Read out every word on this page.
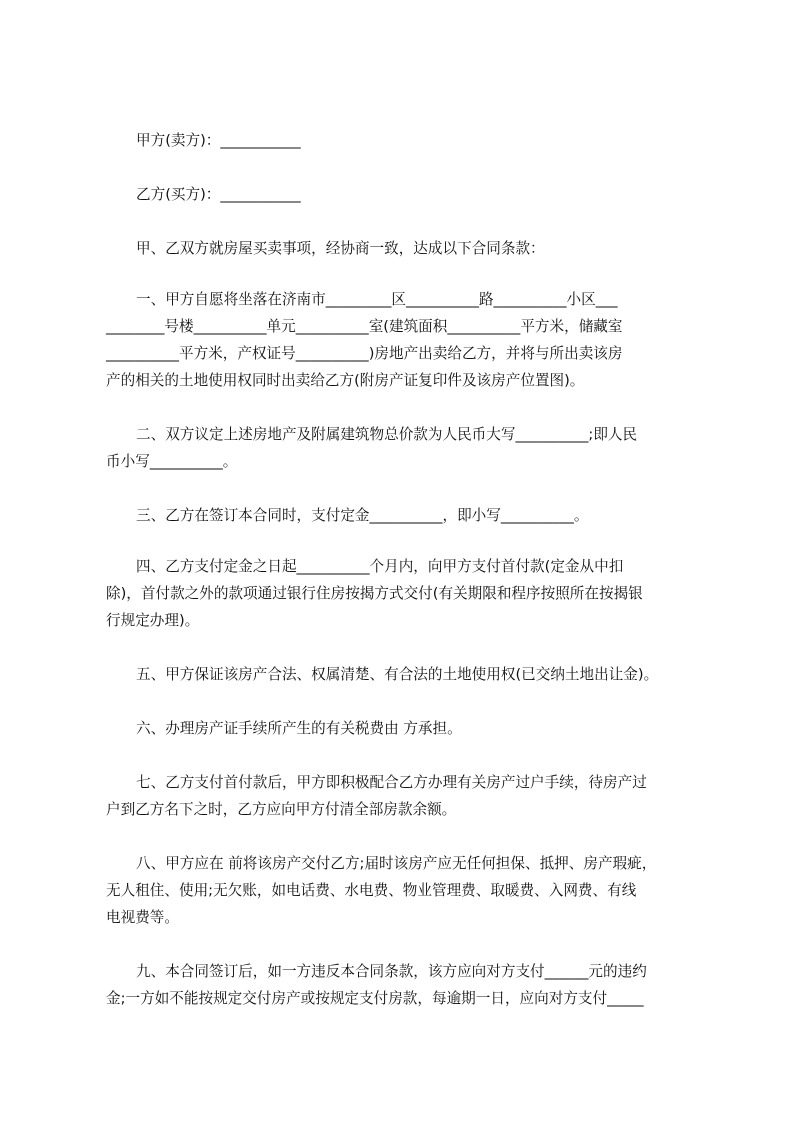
甲方(卖方)：___________
乙方(买方)：___________
甲、乙双方就房屋买卖事项，经协商一致，达成以下合同条款：
一、甲方自愿将坐落在济南市_________区__________路__________小区___
________号楼__________单元__________室(建筑面积__________平方米，储藏室
__________平方米，产权证号__________)房地产出卖给乙方，并将与所出卖该房
产的相关的土地使用权同时出卖给乙方(附房产证复印件及该房产位置图)。
二、双方议定上述房地产及附属建筑物总价款为人民币大写__________;即人民
币小写__________。
三、乙方在签订本合同时，支付定金__________，即小写__________。
四、乙方支付定金之日起__________个月内，向甲方支付首付款(定金从中扣
除)，首付款之外的款项通过银行住房按揭方式交付(有关期限和程序按照所在按揭银
行规定办理)。
五、甲方保证该房产合法、权属清楚、有合法的土地使用权(已交纳土地出让金)。
六、办理房产证手续所产生的有关税费由 方承担。
七、乙方支付首付款后，甲方即积极配合乙方办理有关房产过户手续，待房产过
户到乙方名下之时，乙方应向甲方付清全部房款余额。
八、甲方应在 前将该房产交付乙方;届时该房产应无任何担保、抵押、房产瑕疵，
无人租住、使用;无欠账，如电话费、水电费、物业管理费、取暖费、入网费、有线
电视费等。
九、本合同签订后，如一方违反本合同条款，该方应向对方支付______元的违约
金;一方如不能按规定交付房产或按规定支付房款，每逾期一日，应向对方支付_____
